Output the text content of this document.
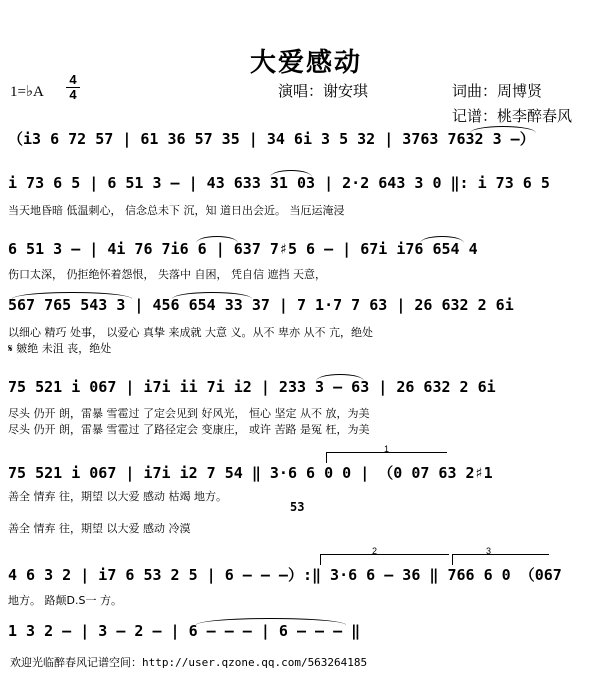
大爱感动
1=♭A
4
4	演唱：谢安琪	词曲：周博贤
记谱：桃李醉春风
（i3 6 72 57 | 61 36 57 35 | 34 6i 3 5 32 | 3763 7632 3 –）
i 73 6 5 | 6 51 3 – | 43 633 31 03 | 2·2 643 3 0 ‖: i 73 6 5
当天地昏暗 低温刺心， 信念总未下 沉，知 道日出会近。 当厄运淹浸
6 51 3 – | 4i 76 7i6 6 | 637 7♯5 6 – | 67i i76 654 4
伤口太深， 仍拒绝怀着怨恨， 失落中 自困， 凭自信 遮挡 天意，
567 765 543 3 | 456 654 33 37 | 7 1·7 7 63 | 26 632 2 6i
以细心 精巧 处事， 以爱心 真挚 来成就 大意 义。从不 卑亦 从不 亢，绝处
𝄋 皴绝 未沮 丧，绝处
75 521 i 067 | i7i ii 7i i2 | 233 3 – 63 | 26 632 2 6i
尽头 仍开 朗，雷暴 雪雹过 了定会见到 好风光， 恒心 坚定 从不 放，为美
尽头 仍开 朗，雷暴 雪雹过 了路径定会 变康庄， 或许 苦路 是冤 枉，为美
75 521 i 067 | i7i i2 7 54 ‖ 3·6 6 0 0 | （0 07 63 2♯1
53
善全 情弃 往，期望 以大爱 感动 枯竭 地方。
善全 情弃 往，期望 以大爱 感动 冷漠
1
4 6 3 2 | i7 6 53 2 5 | 6 – – –）:‖ 3·6 6 – 36 ‖ 766 6 0 （067
地方。 路颠D.S一 方。
2	3
1 3 2 – | 3 – 2 – | 6 – – – | 6 – – – ‖
欢迎光临醉春风记谱空间：http://user.qzone.qq.com/563264185
